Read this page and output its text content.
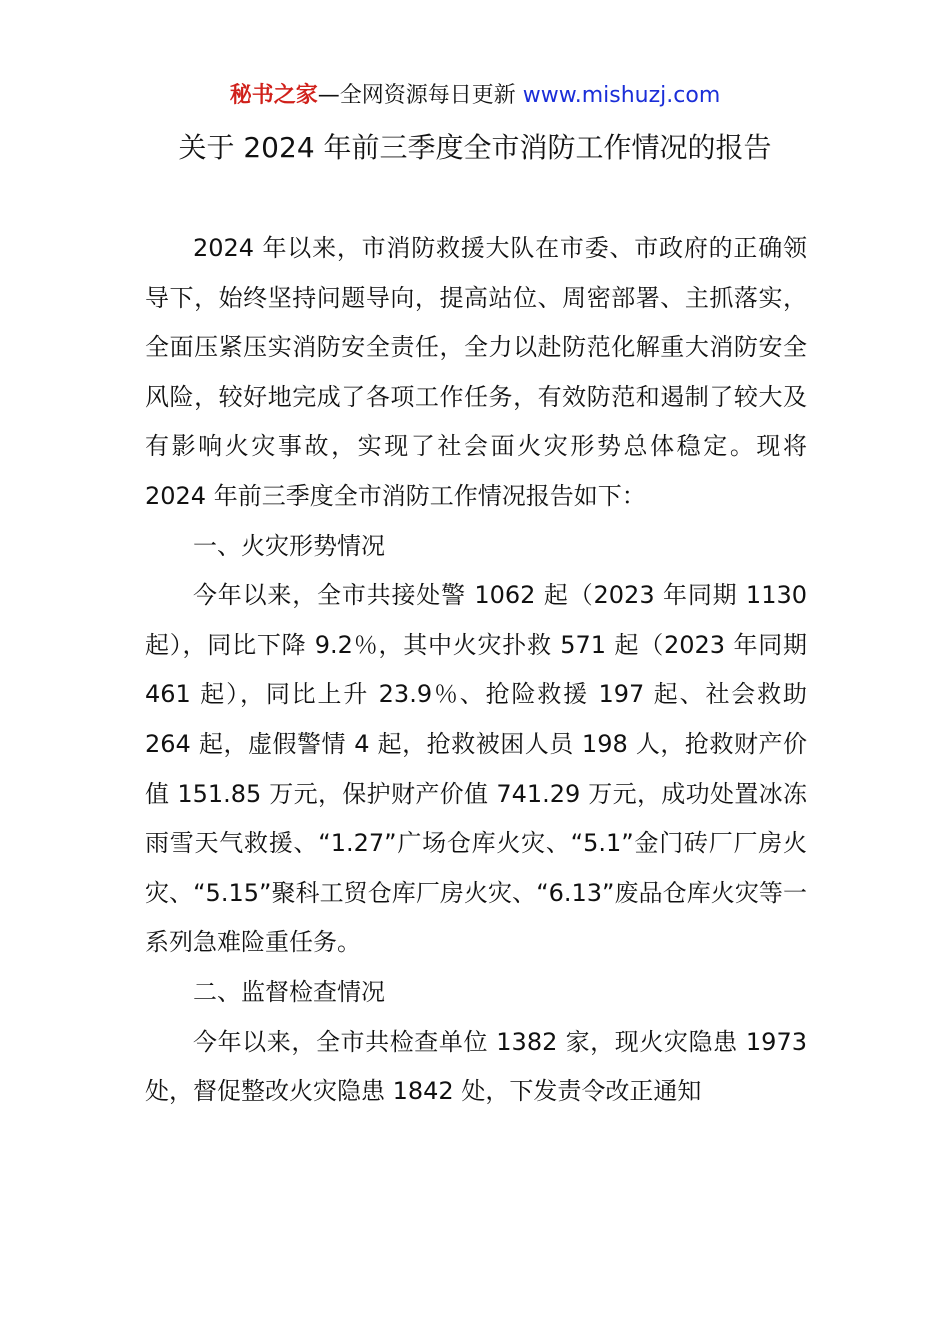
秘书之家—全网资源每日更新 www.mishuzj.com
关于 2024 年前三季度全市消防工作情况的报告

2024 年以来，市消防救援大队在市委、市政府的正确领导下，始终坚持问题导向，提高站位、周密部署、主抓落实，全面压紧压实消防安全责任，全力以赴防范化解重大消防安全风险，较好地完成了各项工作任务，有效防范和遏制了较大及有影响火灾事故，实现了社会面火灾形势总体稳定。现将 2024 年前三季度全市消防工作情况报告如下：

一、火灾形势情况

今年以来，全市共接处警 1062 起（2023 年同期 1130 起），同比下降 9.2％，其中火灾扑救 571 起（2023 年同期 461 起），同比上升 23.9％、抢险救援 197 起、社会救助 264 起，虚假警情 4 起，抢救被困人员 198 人，抢救财产价值 151.85 万元，保护财产价值 741.29 万元，成功处置冰冻雨雪天气救援、“1.27”广场仓库火灾、“5.1”金门砖厂厂房火灾、“5.15”聚科工贸仓库厂房火灾、“6.13”废品仓库火灾等一系列急难险重任务。

二、监督检查情况

今年以来，全市共检查单位 1382 家，现火灾隐患 1973 处，督促整改火灾隐患 1842 处，下发责令改正通知
